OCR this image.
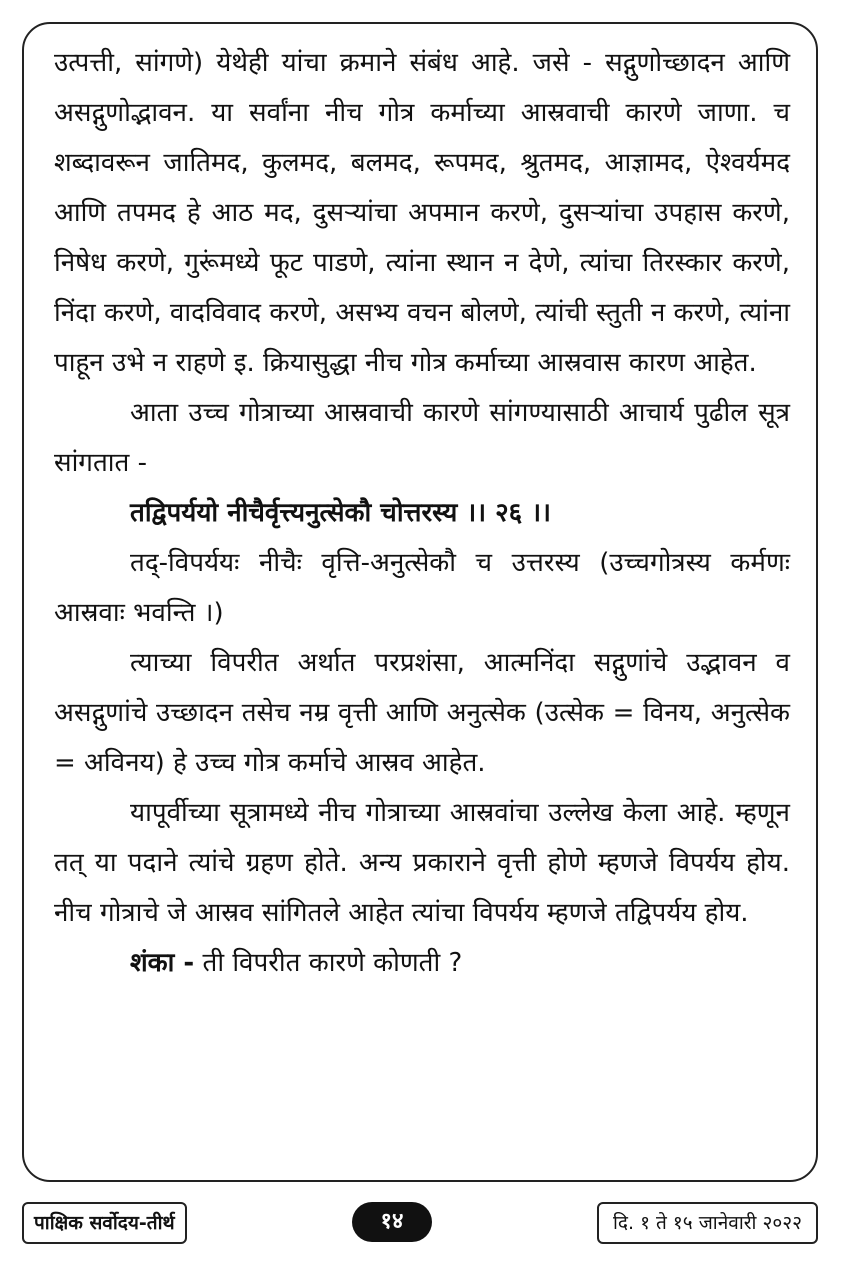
उत्पत्ती, सांगणे) येथेही यांचा क्रमाने संबंध आहे. जसे - सद्गुणोच्छादन आणि असद्गुणोद्भावन. या सर्वांना नीच गोत्र कर्माच्या आस्रवाची कारणे जाणा. च शब्दावरून जातिमद, कुलमद, बलमद, रूपमद, श्रुतमद, आज्ञामद, ऐश्वर्यमद आणि तपमद हे आठ मद, दुसऱ्यांचा अपमान करणे, दुसऱ्यांचा उपहास करणे, निषेध करणे, गुरूंमध्ये फूट पाडणे, त्यांना स्थान न देणे, त्यांचा तिरस्कार करणे, निंदा करणे, वादविवाद करणे, असभ्य वचन बोलणे, त्यांची स्तुती न करणे, त्यांना पाहून उभे न राहणे इ. क्रियासुद्धा नीच गोत्र कर्माच्या आस्रवास कारण आहेत.

आता उच्च गोत्राच्या आस्रवाची कारणे सांगण्यासाठी आचार्य पुढील सूत्र सांगतात -

तद्विपर्ययो नीचैर्वृत्त्यनुत्सेकौ चोत्तरस्य ।। २६ ।।

तद्-विपर्ययः नीचैः वृत्ति-अनुत्सेकौ च उत्तरस्य (उच्चगोत्रस्य कर्मणः आस्रवाः भवन्ति ।)

त्याच्या विपरीत अर्थात परप्रशंसा, आत्मनिंदा सद्गुणांचे उद्भावन व असद्गुणांचे उच्छादन तसेच नम्र वृत्ती आणि अनुत्सेक (उत्सेक = विनय, अनुत्सेक = अविनय) हे उच्च गोत्र कर्माचे आस्रव आहेत.

यापूर्वीच्या सूत्रामध्ये नीच गोत्राच्या आस्रवांचा उल्लेख केला आहे. म्हणून तत् या पदाने त्यांचे ग्रहण होते. अन्य प्रकाराने वृत्ती होणे म्हणजे विपर्यय होय. नीच गोत्राचे जे आस्रव सांगितले आहेत त्यांचा विपर्यय म्हणजे तद्विपर्यय होय.

शंका - ती विपरीत कारणे कोणती ?

पाक्षिक सर्वोदय-तीर्थ	१४	दि. १ ते १५ जानेवारी २०२२
